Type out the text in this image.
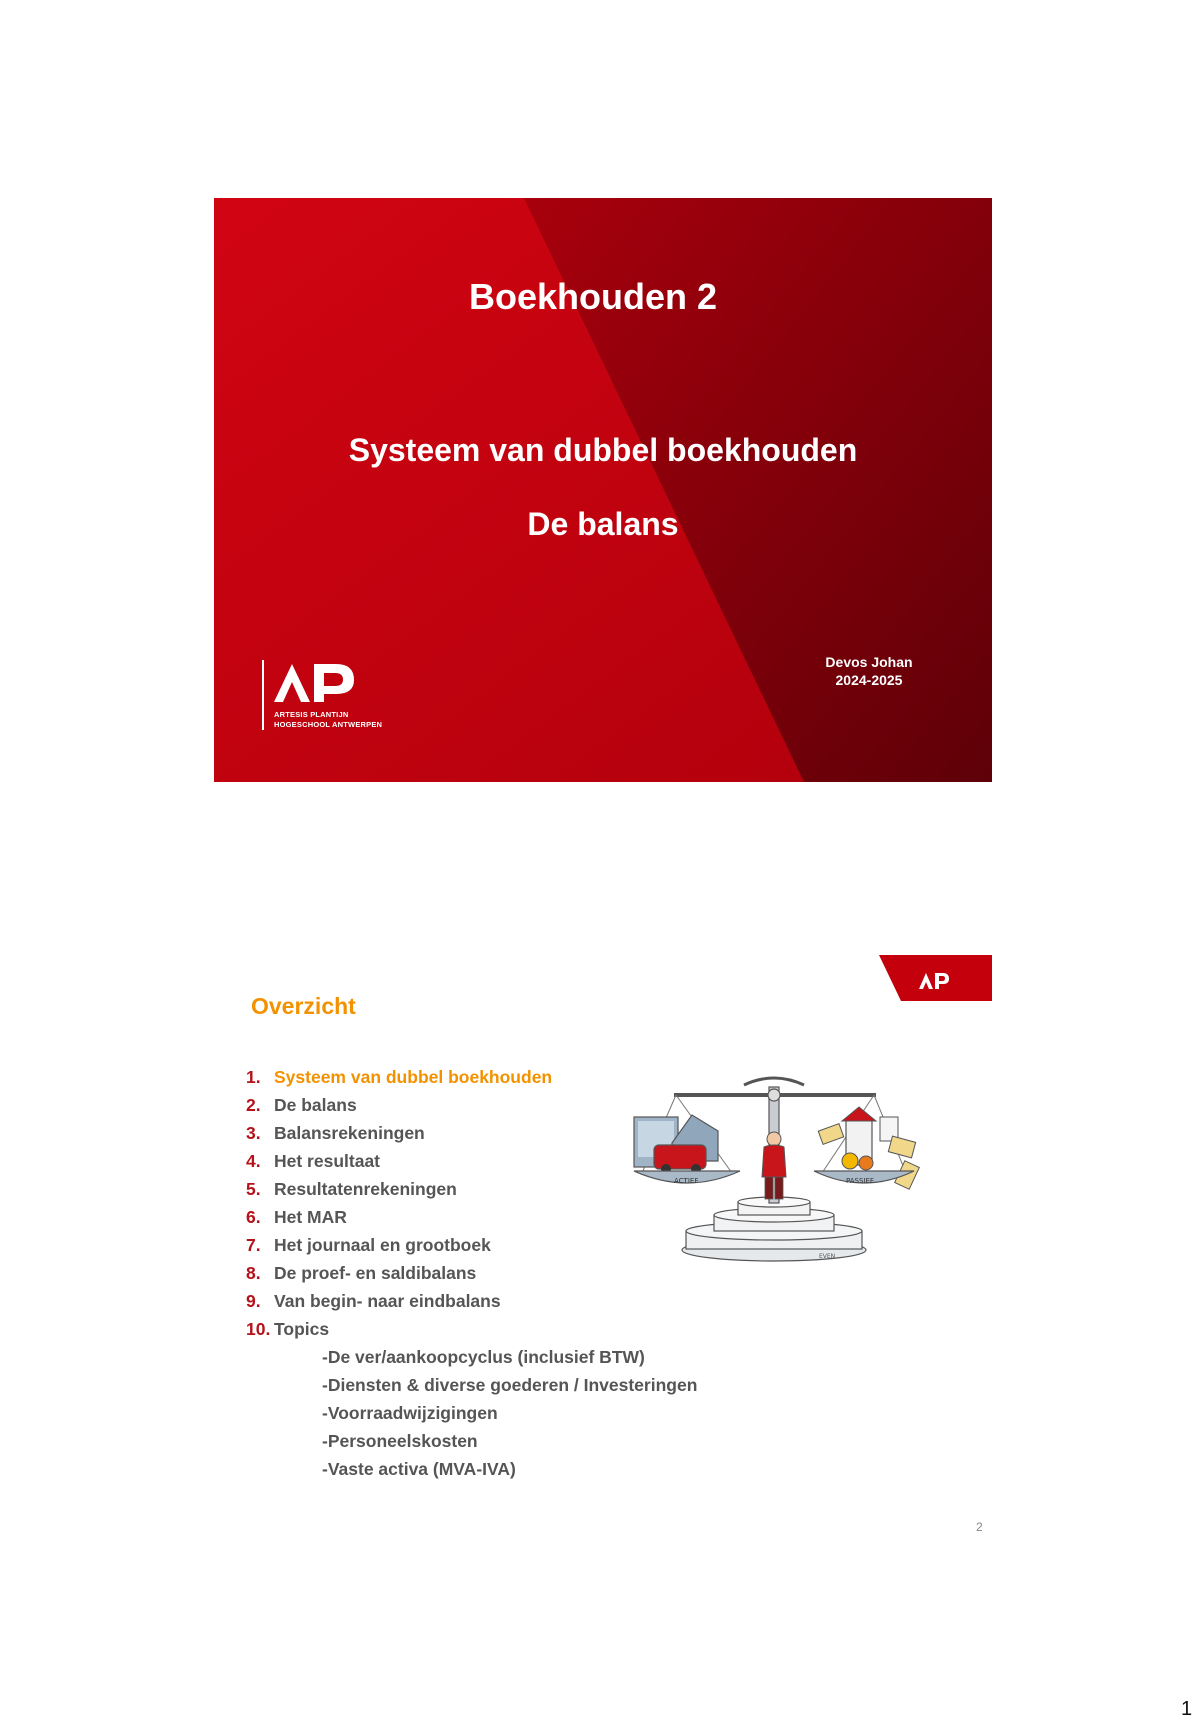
Boekhouden 2
Systeem van dubbel boekhouden
De balans
Devos Johan
2024-2025
ARTESIS PLANTIJN
HOGESCHOOL ANTWERPEN
Overzicht
1. Systeem van dubbel boekhouden
2. De balans
3. Balansrekeningen
4. Het resultaat
5. Resultatenrekeningen
6. Het MAR
7. Het journaal en grootboek
8. De proef- en saldibalans
9. Van begin- naar eindbalans
10. Topics
-De ver/aankoopcyclus (inclusief BTW)
-Diensten & diverse goederen / Investeringen
-Voorraadwijzigingen
-Personeelskosten
-Vaste activa (MVA-IVA)
EVEN
ACTIEF	PASSIEF
2
1
